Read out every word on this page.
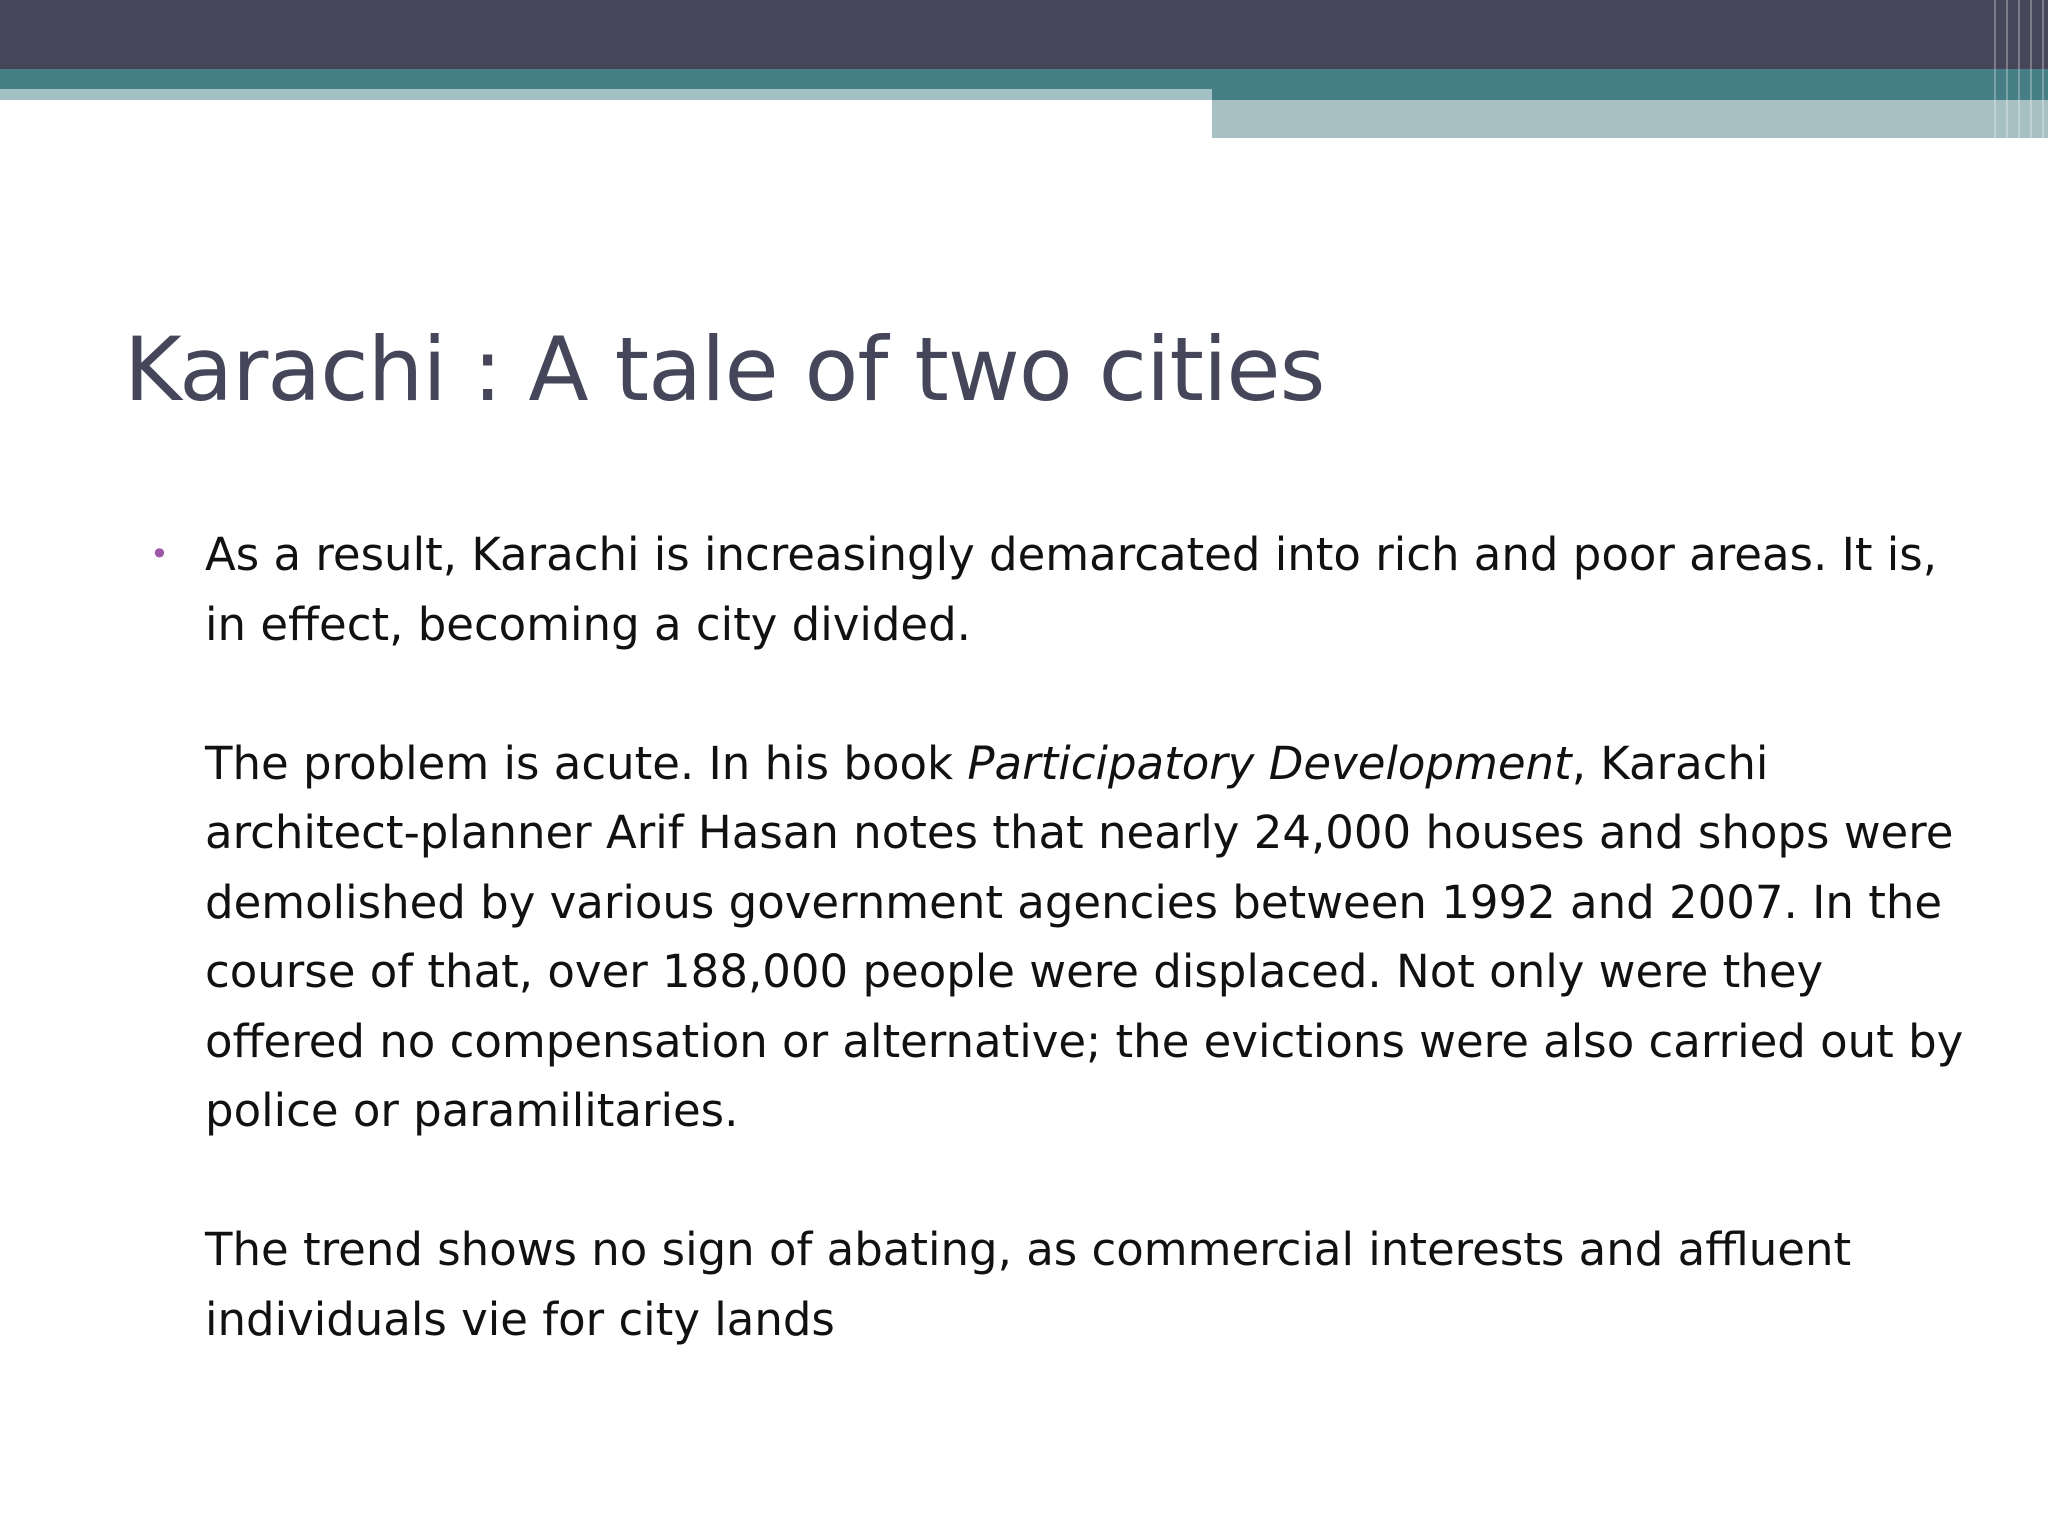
Karachi : A tale of two cities
• As a result, Karachi is increasingly demarcated into rich and poor areas. It is, in effect, becoming a city divided.

The problem is acute. In his book Participatory Development, Karachi architect-planner Arif Hasan notes that nearly 24,000 houses and shops were demolished by various government agencies between 1992 and 2007. In the course of that, over 188,000 people were displaced. Not only were they offered no compensation or alternative; the evictions were also carried out by police or paramilitaries.

The trend shows no sign of abating, as commercial interests and affluent individuals vie for city lands
